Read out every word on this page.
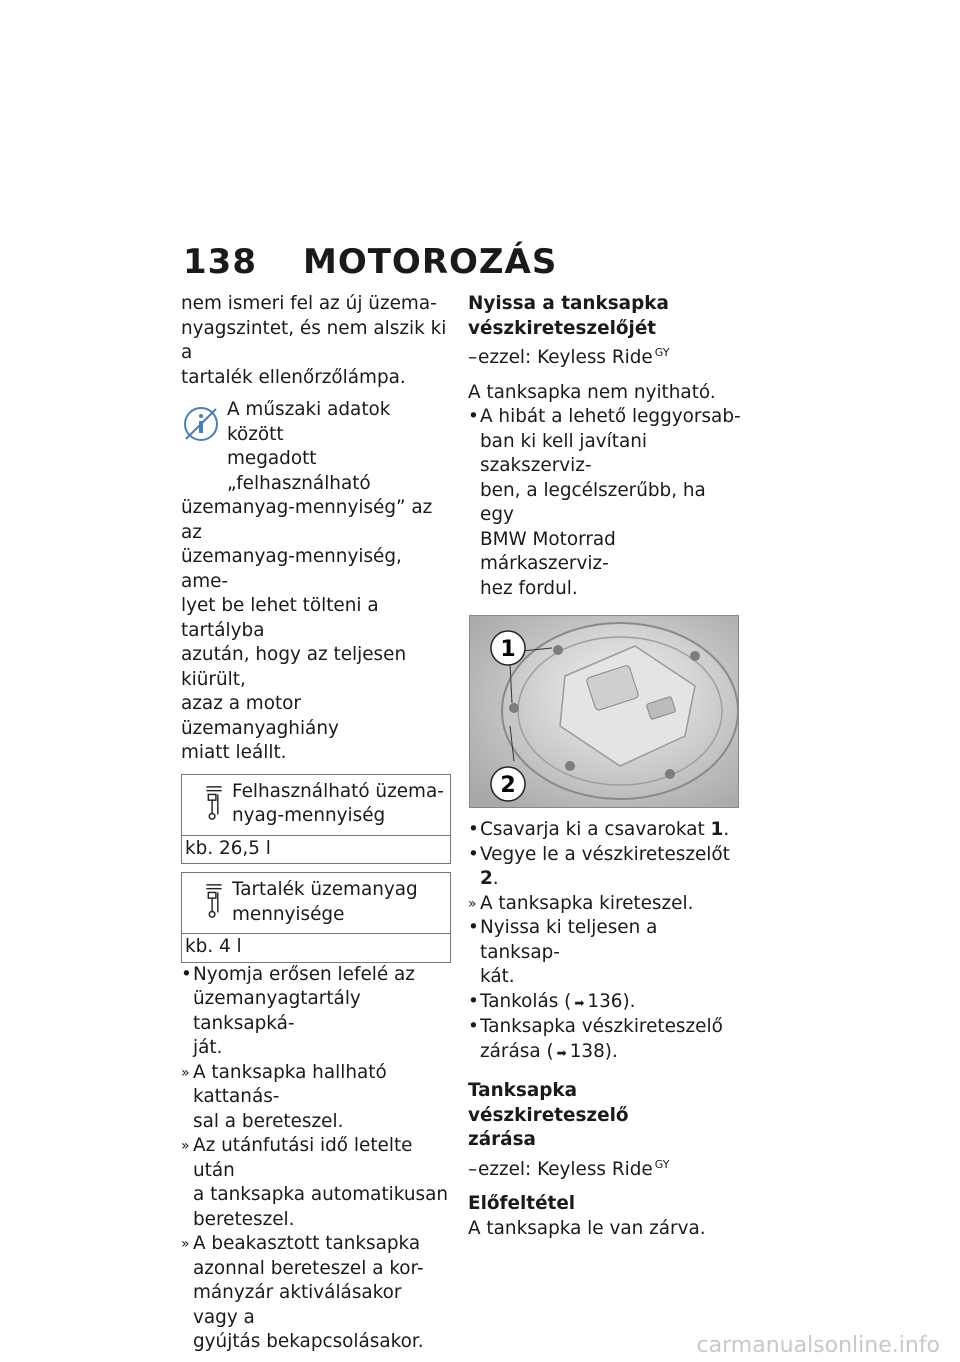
138 MOTOROZÁS

nem ismeri fel az új üzema-

nyagszintet, és nem alszik ki a

tartalék ellenőrzőlámpa.

A műszaki adatok között

megadott „felhasználható

üzemanyag-mennyiség” az az

üzemanyag-mennyiség, ame-

lyet be lehet tölteni a tartályba

azután, hogy az teljesen kiürült,

azaz a motor üzemanyaghiány

miatt leállt.

Felhasználható üzema-
nyag-mennyiség
kb. 26,5 l
Tartalék üzemanyag
mennyisége
kb. 4 l
• Nyomja erősen lefelé az
üzemanyagtartály tanksapká-
ját.
» A tanksapka hallható kattanás-
sal a bereteszel.
» Az utánfutási idő letelte után
a tanksapka automatikusan
bereteszel.
» A beakasztott tanksapka
azonnal bereteszel a kor-
mányzár aktiválásakor vagy a
gyújtás bekapcsolásakor.

Nyissa a tanksapka

vészkireteszelőjét

–ezzel: Keyless Ride $^{GY}$

A tanksapka nem nyitható.

• A hibát a lehető leggyorsab-
ban ki kell javítani szakszerviz-
ben, a legcélszerűbb, ha egy
BMW Motorrad márkaszerviz-
hez fordul.
1
2
• Csavarja ki a csavarokat 1.
• Vegye le a vészkireteszelőt 2.
» A tanksapka kireteszel.
• Nyissa ki teljesen a tanksap-
kát.
• Tankolás ( ➡ 136).
• Tanksapka vészkireteszelő
zárása ( ➡ 138).

Tanksapka vészkireteszelő

zárása

–ezzel: Keyless Ride $^{GY}$

Előfeltétel

A tanksapka le van zárva.

carmanualsonline.info
